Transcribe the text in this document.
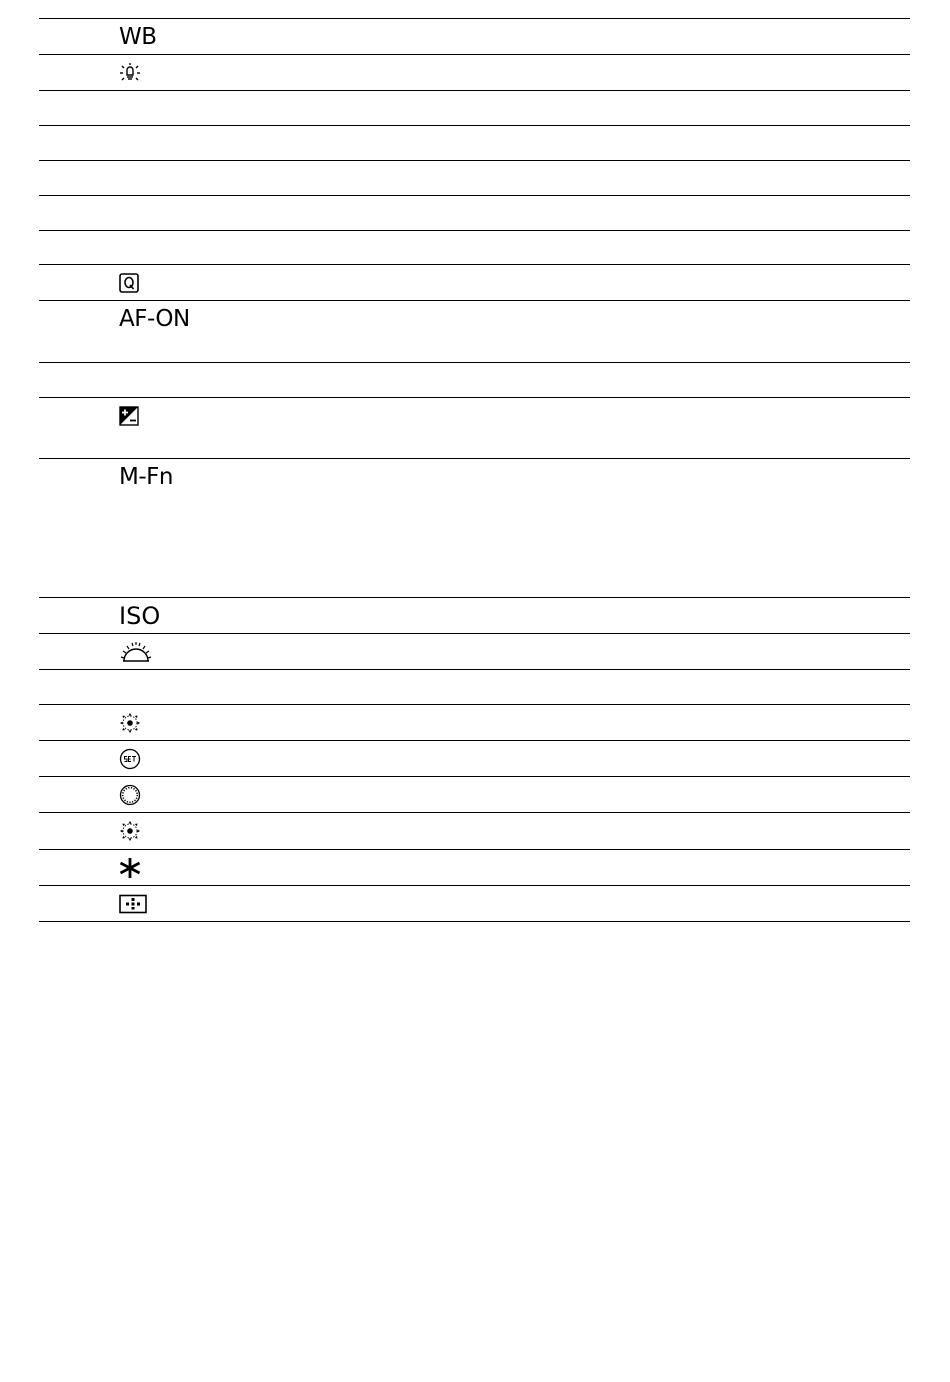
WB
AF-ON
M-Fn
ISO
